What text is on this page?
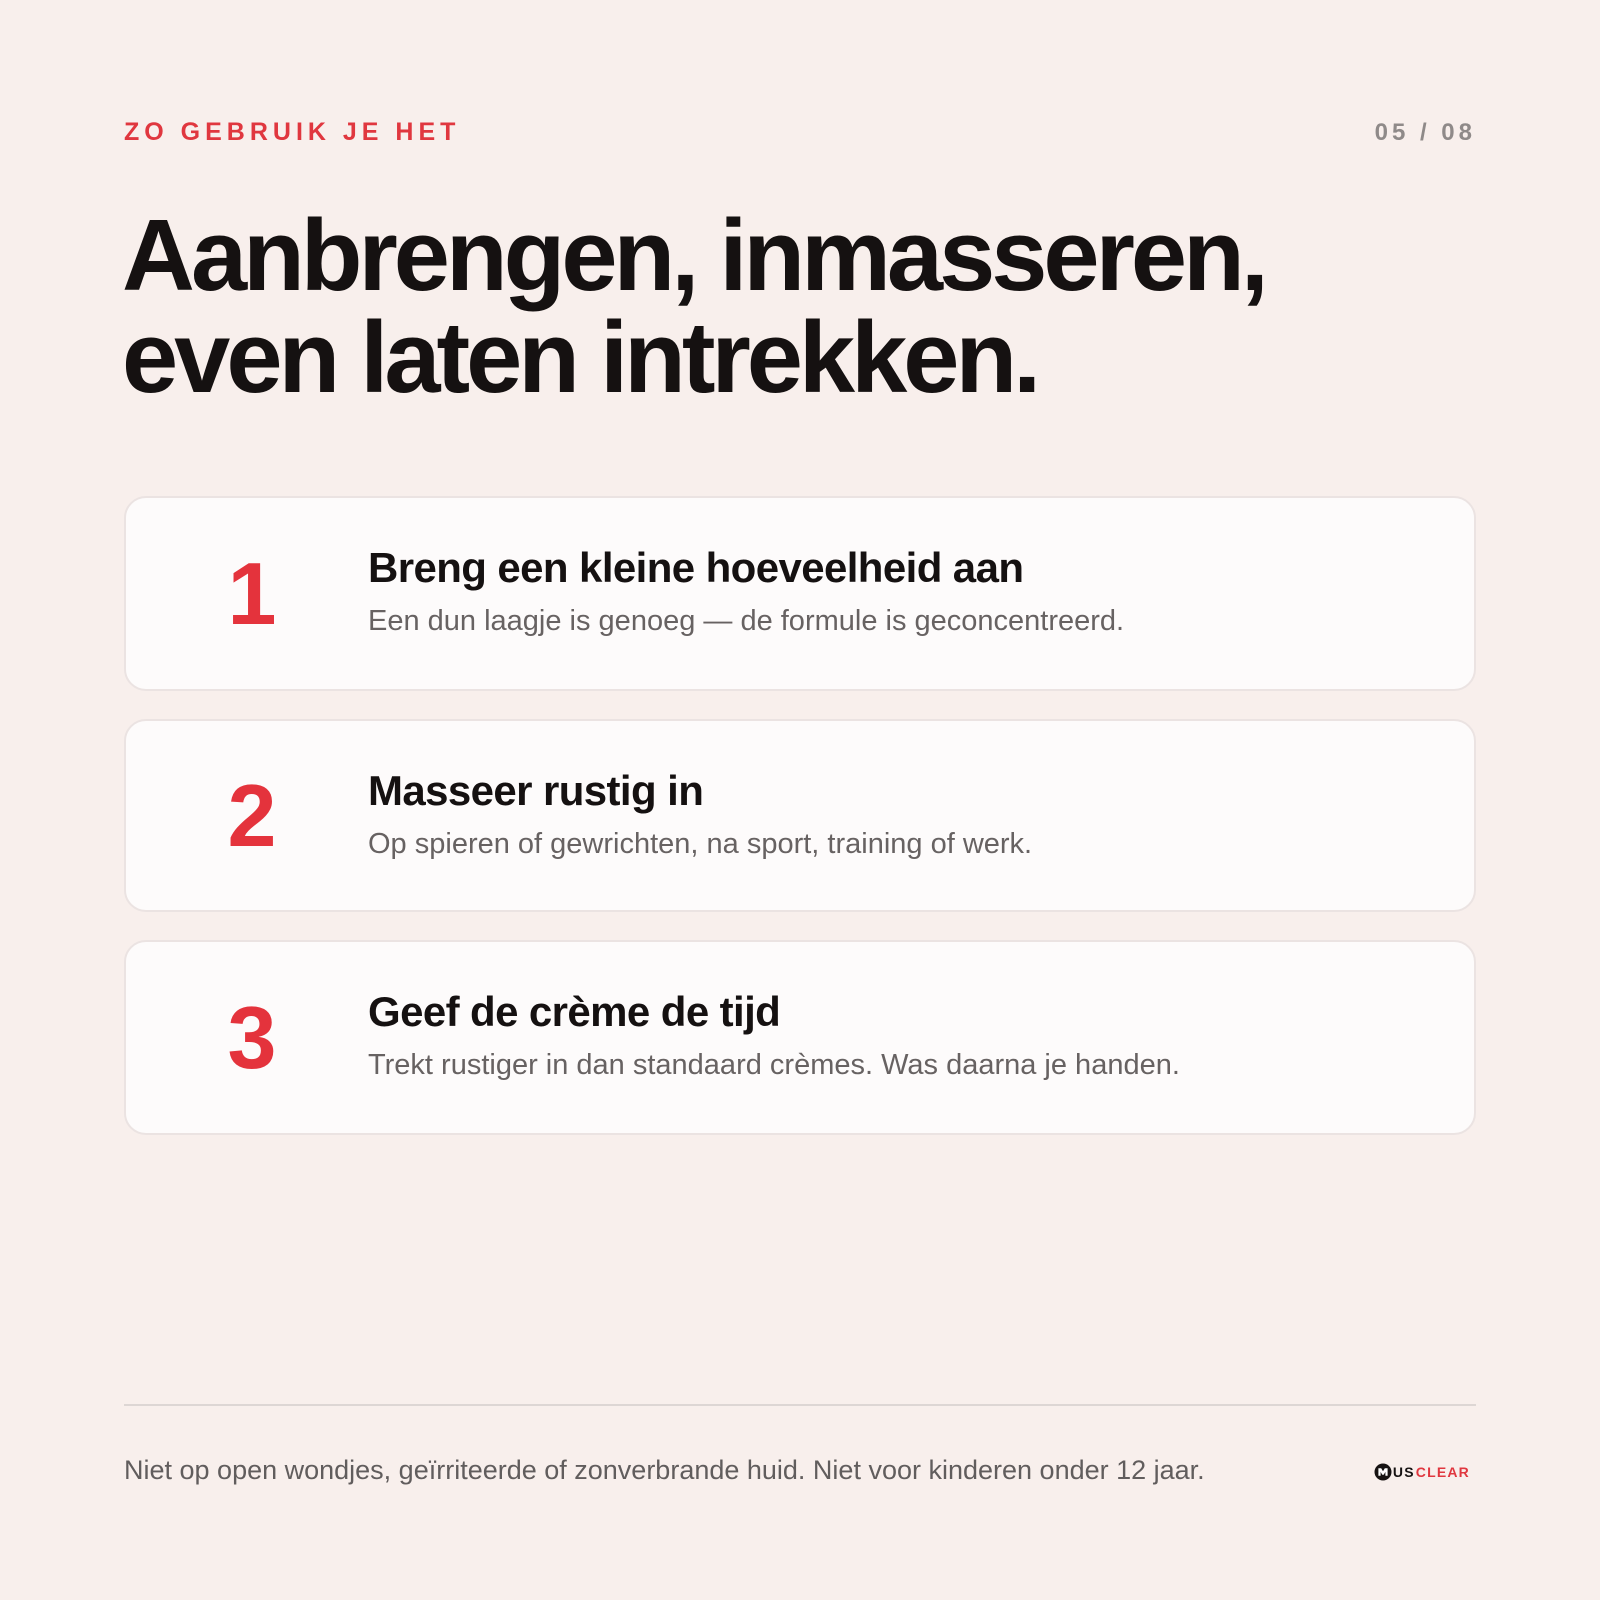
ZO GEBRUIK JE HET	05 / 08
Aanbrengen, inmasseren,
even laten intrekken.
1 Breng een kleine hoeveelheid aan
Een dun laagje is genoeg — de formule is geconcentreerd.
2 Masseer rustig in
Op spieren of gewrichten, na sport, training of werk.
3 Geef de crème de tijd
Trekt rustiger in dan standaard crèmes. Was daarna je handen.
Niet op open wondjes, geïrriteerde of zonverbrande huid. Niet voor kinderen onder 12 jaar.	US CLEAR
